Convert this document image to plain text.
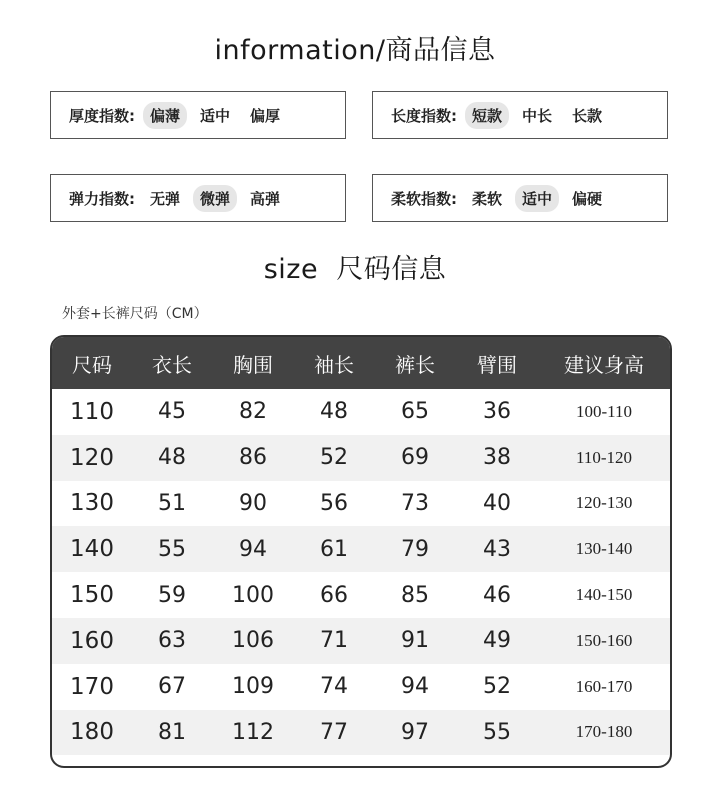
information/商品信息
厚度指数:	偏薄	适中	偏厚	长度指数:	短款	中长	长款
弹力指数:	无弹	微弹	高弹	柔软指数:	柔软	适中	偏硬
size  尺码信息
外套+长裤尺码（CM）
尺码	衣长	胸围	袖长	裤长	臂围	建议身高
110	45	82	48	65	36	100-110
120	48	86	52	69	38	110-120
130	51	90	56	73	40	120-130
140	55	94	61	79	43	130-140
150	59	100	66	85	46	140-150
160	63	106	71	91	49	150-160
170	67	109	74	94	52	160-170
180	81	112	77	97	55	170-180
